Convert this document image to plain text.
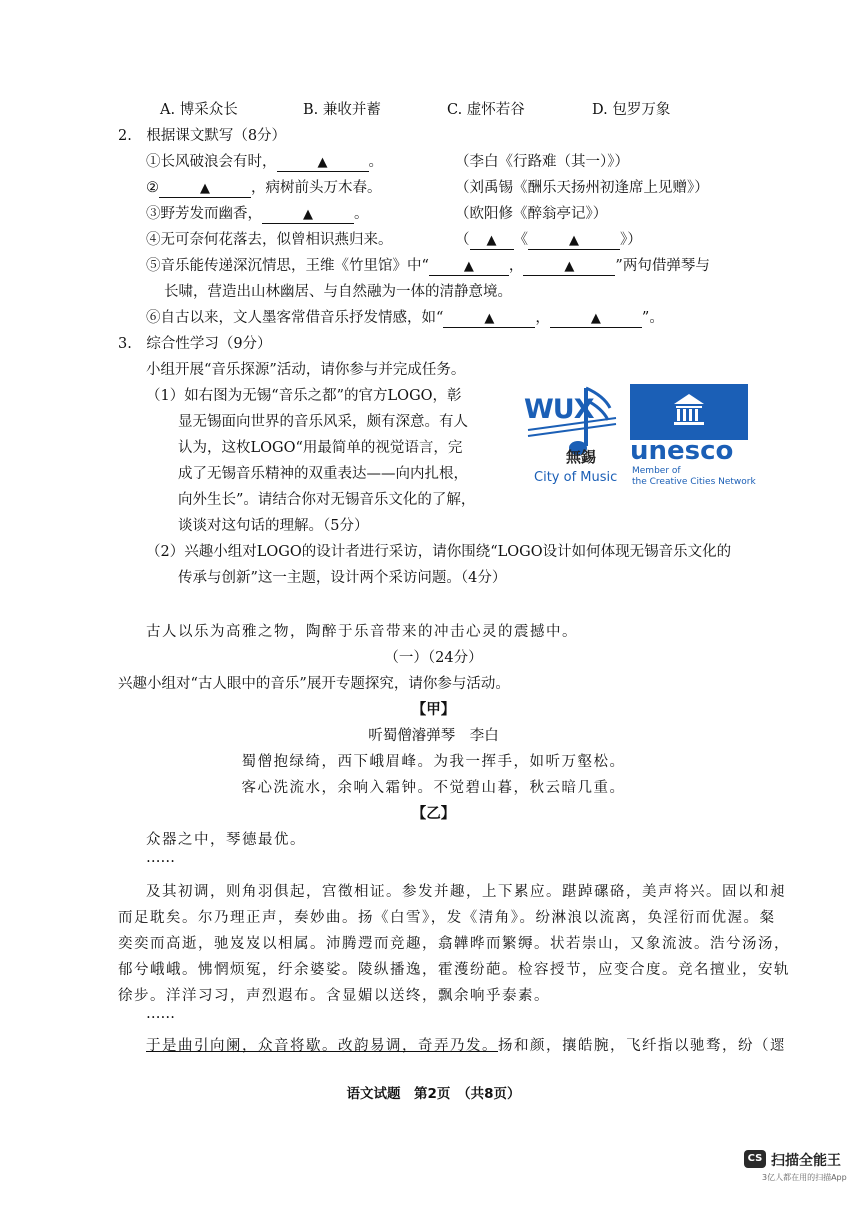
A. 博采众长	B. 兼收并蓄	C. 虚怀若谷	D. 包罗万象
2.　根据课文默写（8分）
①长风破浪会有时，	▲	。	（李白《行路难（其一）》）
②	▲	，病树前头万木春。	（刘禹锡《酬乐天扬州初逢席上见赠》）
③野芳发而幽香，	▲	。	（欧阳修《醉翁亭记》）
④无可奈何花落去，似曾相识燕归来。	（ ▲ 《	▲	》）
⑤音乐能传递深沉情思，王维《竹里馆》中“	▲ ，	▲	”两句借弹琴与
长啸，营造出山林幽居、与自然融为一体的清静意境。
⑥自古以来，文人墨客常借音乐抒发情感，如“	▲	，	▲	”。
3.　综合性学习（9分）
小组开展“音乐探源”活动，请你参与并完成任务。
（1）如右图为无锡“音乐之都”的官方LOGO，彰
显无锡面向世界的音乐风采，颇有深意。有人
认为，这枚LOGO“用最简单的视觉语言，完
成了无锡音乐精神的双重表达——向内扎根，
向外生长”。请结合你对无锡音乐文化的了解，
谈谈对这句话的理解。（5分）
WUX
無錫
City of Music
unesco
Member of
the Creative Cities Network
（2）兴趣小组对LOGO的设计者进行采访，请你围绕“LOGO设计如何体现无锡音乐文化的
传承与创新”这一主题，设计两个采访问题。（4分）
古人以乐为高雅之物，陶醉于乐音带来的冲击心灵的震撼中。
（一）（24分）
兴趣小组对“古人眼中的音乐”展开专题探究，请你参与活动。
【甲】
听蜀僧濬弹琴　李白
蜀僧抱绿绮，西下峨眉峰。为我一挥手，如听万壑松。
客心洗流水，余响入霜钟。不觉碧山暮，秋云暗几重。
【乙】
众器之中，琴德最优。
……
及其初调，则角羽俱起，宫徵相证。参发并趣，上下累应。踸踔磥硌，美声将兴。固以和昶
而足耽矣。尔乃理正声，奏妙曲。扬《白雪》，发《清角》。纷淋浪以流离，奂淫衍而优渥。粲
奕奕而高逝，驰岌岌以相属。沛腾遌而竞趣，翕韡晔而繁缛。状若崇山，又象流波。浩兮汤汤，
郁兮峨峨。怫惘烦冤，纡余婆娑。陵纵播逸，霍濩纷葩。检容授节，应变合度。竞名擅业，安轨
徐步。洋洋习习，声烈遐布。含显媚以送终，飘余响乎泰素。
……
于是曲引向阑，众音将歇。改韵易调，奇弄乃发。扬和颜，攘皓腕，飞纤指以驰骛，纷（遝
语文试题　第2页　（共8页）
CS 扫描全能王
3亿人都在用的扫描App
